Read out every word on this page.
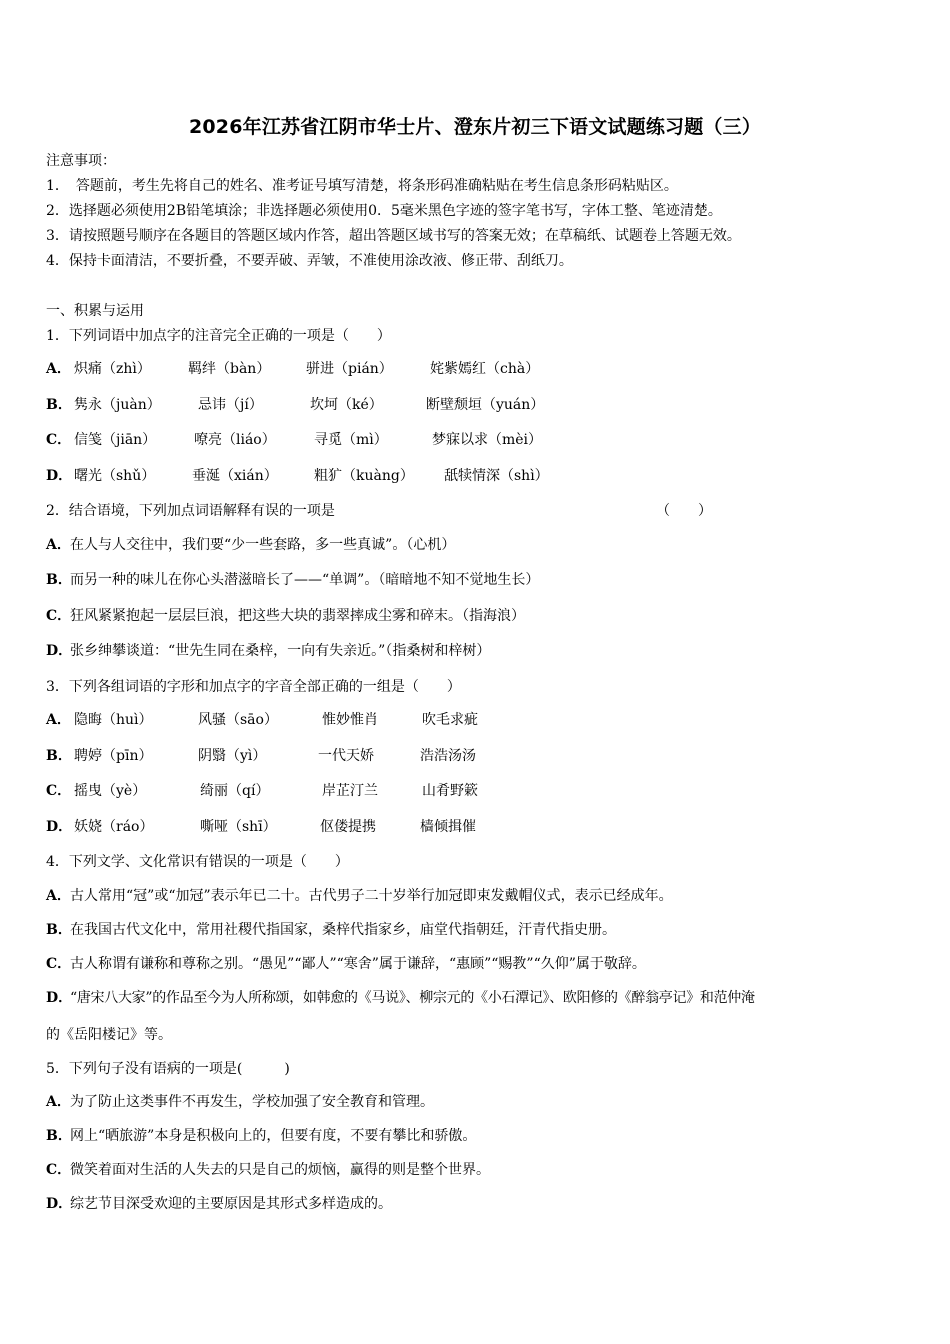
2026年江苏省江阴市华士片、澄东片初三下语文试题练习题（三）
注意事项：
1．　答题前，考生先将自己的姓名、准考证号填写清楚，将条形码准确粘贴在考生信息条形码粘贴区。
2．选择题必须使用2B铅笔填涂；非选择题必须使用0．5毫米黑色字迹的签字笔书写，字体工整、笔迹清楚。
3．请按照题号顺序在各题目的答题区域内作答，超出答题区域书写的答案无效；在草稿纸、试题卷上答题无效。
4．保持卡面清洁，不要折叠，不要弄破、弄皱，不准使用涂改液、修正带、刮纸刀。
一、积累与运用
1．下列词语中加点字的注音完全正确的一项是（　　）
A． 炽痛（zhì）	羁绊（bàn）	骈进（pián）	姹紫嫣红（chà）
B． 隽永（juàn）	忌讳（jí）	坎坷（ké）	断壁颓垣（yuán）
C． 信笺（jiān）	嘹亮（liáo）	寻觅（mì）	梦寐以求（mèi）
D． 曙光（shǔ）	垂涎（xián）	粗犷（kuàng） 舐犊情深（shì）
2．结合语境，下列加点词语解释有误的一项是	（　　）
A．在人与人交往中，我们要“少一些套路，多一些真诚”。（心机）
B．而另一种的味儿在你心头潜滋暗长了——“单调”。（暗暗地不知不觉地生长）
C．狂风紧紧抱起一层层巨浪，把这些大块的翡翠摔成尘雾和碎末。（指海浪）
D．张乡绅攀谈道：“世先生同在桑梓，一向有失亲近。”（指桑树和梓树）
3．下列各组词语的字形和加点字的字音全部正确的一组是（　　）
A． 隐晦（huì）	风骚（sāo）	惟妙惟肖	吹毛求疵
B． 聘婷（pīn）	阴翳（yì）	一代天娇	浩浩汤汤
C． 摇曳（yè）	绮丽（qí）	岸芷汀兰	山肴野簌
D． 妖娆（ráo）	嘶哑（shī）	伛偻提携	樯倾揖催
4．下列文学、文化常识有错误的一项是（　　）
A．古人常用“冠”或“加冠”表示年已二十。古代男子二十岁举行加冠即束发戴帽仪式，表示已经成年。
B．在我国古代文化中，常用社稷代指国家，桑梓代指家乡，庙堂代指朝廷，汗青代指史册。
C．古人称谓有谦称和尊称之别。“愚见”“鄙人”“寒舍”属于谦辞，“惠顾”“赐教”“久仰”属于敬辞。
D．“唐宋八大家”的作品至今为人所称颂，如韩愈的《马说》、柳宗元的《小石潭记》、欧阳修的《醉翁亭记》和范仲淹
的《岳阳楼记》等。
5．下列句子没有语病的一项是(　　　)
A．为了防止这类事件不再发生，学校加强了安全教育和管理。
B．网上“晒旅游”本身是积极向上的，但要有度，不要有攀比和骄傲。
C．微笑着面对生活的人失去的只是自己的烦恼，赢得的则是整个世界。
D．综艺节目深受欢迎的主要原因是其形式多样造成的。
